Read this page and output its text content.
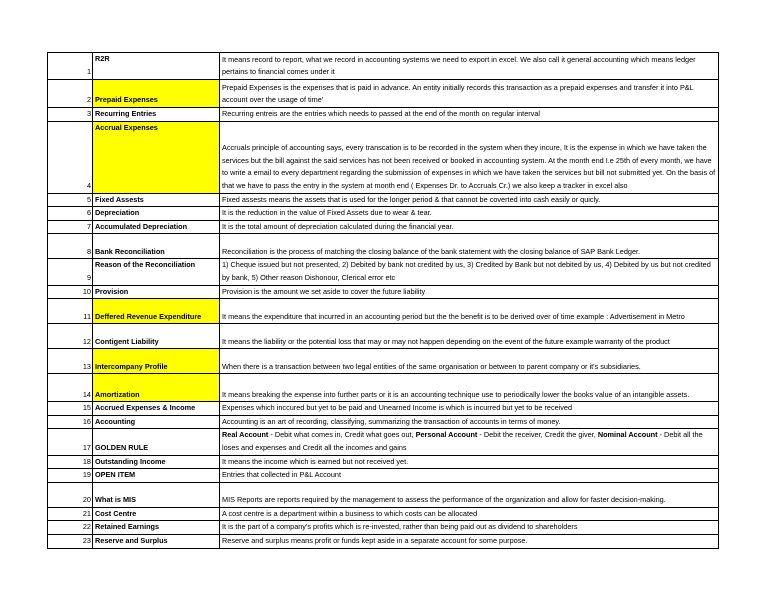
1	R2R	It means record to report, what we record in accounting systems we need to export in excel. We also call it general accounting which means ledger pertains to financial comes under it
2	Prepaid Expenses	Prepaid Expenses is the expenses that is paid in advance. An entity initially records this transaction as a prepaid expenses and transfer it into P&L account over the usage of time'
3	Recurring Entries	Recurring entreis are the entries which needs to passed at the end of the month on regular interval
4	Accrual Expenses	Accruals principle of accounting says, every transcation is to be recorded in the system when they incure, It is the expense in which we have taken the services but the bill against the said services has not been received or booked in accounting system. At the month end I.e 25th of every month, we have to write a email to every department regarding the submission of expenses in which we have taken the services but bill not submitted yet. On the basis of that we have to pass the entry in the system at month end ( Expenses Dr. to Accruals Cr.) we also keep a tracker in excel also
5	Fixed Assests	Fixed assests means the assets that is used for the longer period & that cannot be coverted into cash easily or quicly.
6	Depreciation	It is the reduction in the value of Fixed Assets due to wear & tear.
7	Accumulated Depreciation	It is the total amount of depreciation calculated during the financial year.
8	Bank Reconciliation	Reconciliation is the process of matching the closing balance of the bank statement with the closing balance of SAP Bank Ledger.
9	Reason of the Reconciliation	1) Cheque issued but not presented, 2) Debited by bank not credited by us, 3) Credited by Bank but not debited by us, 4) Debited by us but not credited by bank, 5) Other reason Dishonour, Clerical error etc
10	Provision	Provision is the amount we set aside to cover the future liability
11	Deffered Revenue Expenditure	It means the expenditure that incurred in an accounting period but the the benefit is to be derived over of time example : Advertisement in Metro
12	Contigent Liability	It means the liability or the potential loss that may or may not happen depending on the event of the future example warranty of the product
13	Intercompany Profile	When there is a transaction between two legal entities of the same organisation or between to parent company or it's subsidiaries.
14	Amortization	It means breaking the expense into further parts or it is an accounting technique use to periodically lower the books value of an intangible assets.
15	Accrued Expenses & Income	Expenses which inccured but yet to be paid and Unearned Income is which is incurred but yet to be received
16	Accounting	Accounting is an art of recording, classifying, summarizing the transaction of accounts in terms of money.
17	GOLDEN RULE	Real Account - Debit what comes in, Credit what goes out, Personal Account - Debit the receiver, Credit the giver, Nominal Account - Debit all the loses and expenses and Credit all the incomes and gains
18	Outstanding Income	It means the income which is earned but not received yet.
19	OPEN ITEM	Entries that collected in P&L Account
20	What is MIS	MIS Reports are reports required by the management to assess the performance of the organization and allow for faster decision-making.
21	Cost Centre	A cost centre is a department within a business to which costs can be allocated
22	Retained Earnings	It is the part of a company's profits which is re-invested, rather than being paid out as dividend to shareholders
23	Reserve and Surplus	Reserve and surplus means profit or funds kept aside in a separate account for some purpose.
